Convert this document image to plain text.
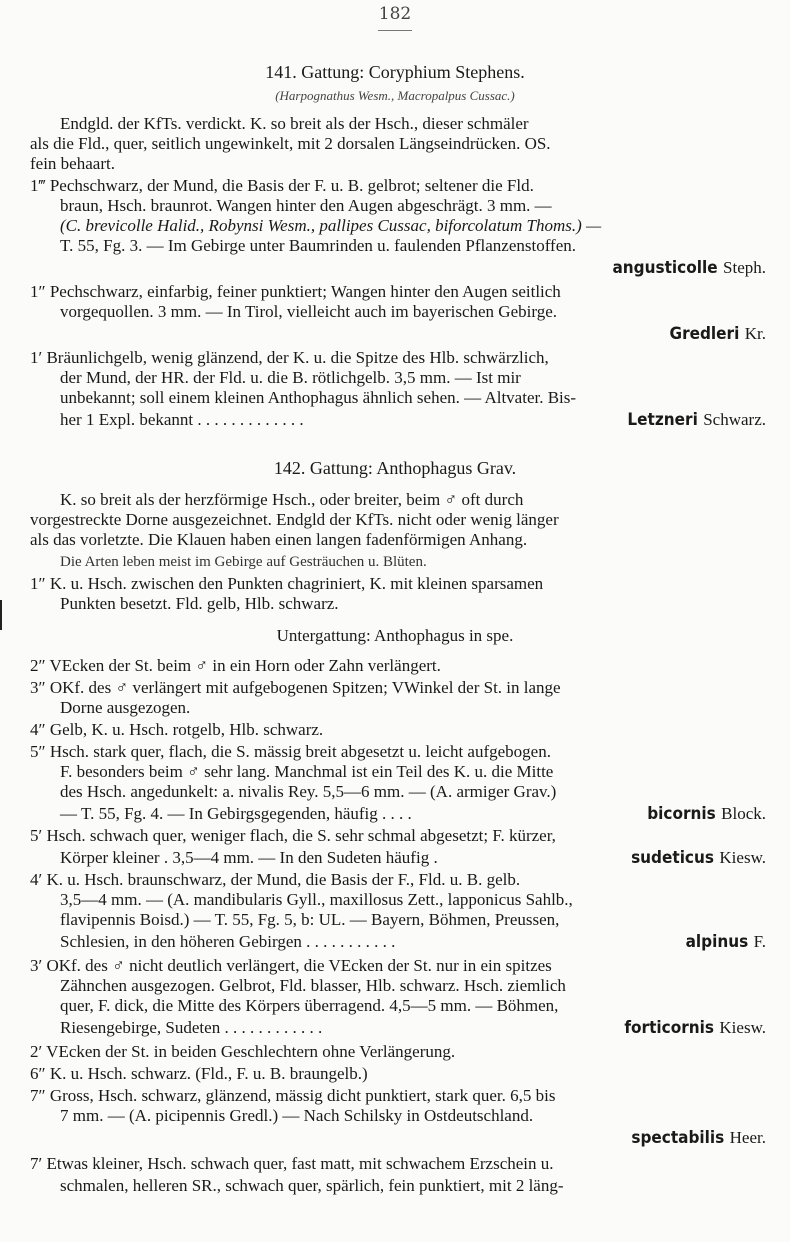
182
141. Gattung: Coryphium Stephens.
(Harpognathus Wesm., Macropalpus Cussac.)
Endgld. der KfTs. verdickt. K. so breit als der Hsch., dieser schmäler
als die Fld., quer, seitlich ungewinkelt, mit 2 dorsalen Längseindrücken. OS.
fein behaart.
1‴ Pechschwarz, der Mund, die Basis der F. u. B. gelbrot; seltener die Fld.
braun, Hsch. braunrot. Wangen hinter den Augen abgeschrägt. 3 mm. —
(C. brevicolle Halid., Robynsi Wesm., pallipes Cussac, biforcolatum Thoms.) —
T. 55, Fg. 3. — Im Gebirge unter Baumrinden u. faulenden Pflanzenstoffen.
angusticolle Steph.
1″ Pechschwarz, einfarbig, feiner punktiert; Wangen hinter den Augen seitlich
vorgequollen. 3 mm. — In Tirol, vielleicht auch im bayerischen Gebirge.
Gredleri Kr.
1′ Bräunlichgelb, wenig glänzend, der K. u. die Spitze des Hlb. schwärzlich,
der Mund, der HR. der Fld. u. die B. rötlichgelb. 3,5 mm. — Ist mir
unbekannt; soll einem kleinen Anthophagus ähnlich sehen. — Altvater. Bis-
her 1 Expl. bekannt . . . . . . . . . . . . .	Letzneri Schwarz.
142. Gattung: Anthophagus Grav.
K. so breit als der herzförmige Hsch., oder breiter, beim ♂ oft durch
vorgestreckte Dorne ausgezeichnet. Endgld der KfTs. nicht oder wenig länger
als das vorletzte. Die Klauen haben einen langen fadenförmigen Anhang.
Die Arten leben meist im Gebirge auf Gesträuchen u. Blüten.
1″ K. u. Hsch. zwischen den Punkten chagriniert, K. mit kleinen sparsamen
Punkten besetzt. Fld. gelb, Hlb. schwarz.
Untergattung: Anthophagus in spe.
2″ VEcken der St. beim ♂ in ein Horn oder Zahn verlängert.
3″ OKf. des ♂ verlängert mit aufgebogenen Spitzen; VWinkel der St. in lange
Dorne ausgezogen.
4″ Gelb, K. u. Hsch. rotgelb, Hlb. schwarz.
5″ Hsch. stark quer, flach, die S. mässig breit abgesetzt u. leicht aufgebogen.
F. besonders beim ♂ sehr lang. Manchmal ist ein Teil des K. u. die Mitte
des Hsch. angedunkelt: a. nivalis Rey. 5,5—6 mm. — (A. armiger Grav.)
— T. 55, Fg. 4. — In Gebirgsgegenden, häufig . . . .	bicornis Block.
5′ Hsch. schwach quer, weniger flach, die S. sehr schmal abgesetzt; F. kürzer,
Körper kleiner . 3,5—4 mm. — In den Sudeten häufig .	sudeticus Kiesw.
4′ K. u. Hsch. braunschwarz, der Mund, die Basis der F., Fld. u. B. gelb.
3,5—4 mm. — (A. mandibularis Gyll., maxillosus Zett., lapponicus Sahlb.,
flavipennis Boisd.) — T. 55, Fg. 5, b: UL. — Bayern, Böhmen, Preussen,
Schlesien, in den höheren Gebirgen . . . . . . . . . . .	alpinus F.
3′ OKf. des ♂ nicht deutlich verlängert, die VEcken der St. nur in ein spitzes
Zähnchen ausgezogen. Gelbrot, Fld. blasser, Hlb. schwarz. Hsch. ziemlich
quer, F. dick, die Mitte des Körpers überragend. 4,5—5 mm. — Böhmen,
Riesengebirge, Sudeten . . . . . . . . . . . .	forticornis Kiesw.
2′ VEcken der St. in beiden Geschlechtern ohne Verlängerung.
6″ K. u. Hsch. schwarz. (Fld., F. u. B. braungelb.)
7″ Gross, Hsch. schwarz, glänzend, mässig dicht punktiert, stark quer. 6,5 bis
7 mm. — (A. picipennis Gredl.) — Nach Schilsky in Ostdeutschland.
spectabilis Heer.
7′ Etwas kleiner, Hsch. schwach quer, fast matt, mit schwachem Erzschein u.
schmalen, helleren SR., schwach quer, spärlich, fein punktiert, mit 2 läng-
